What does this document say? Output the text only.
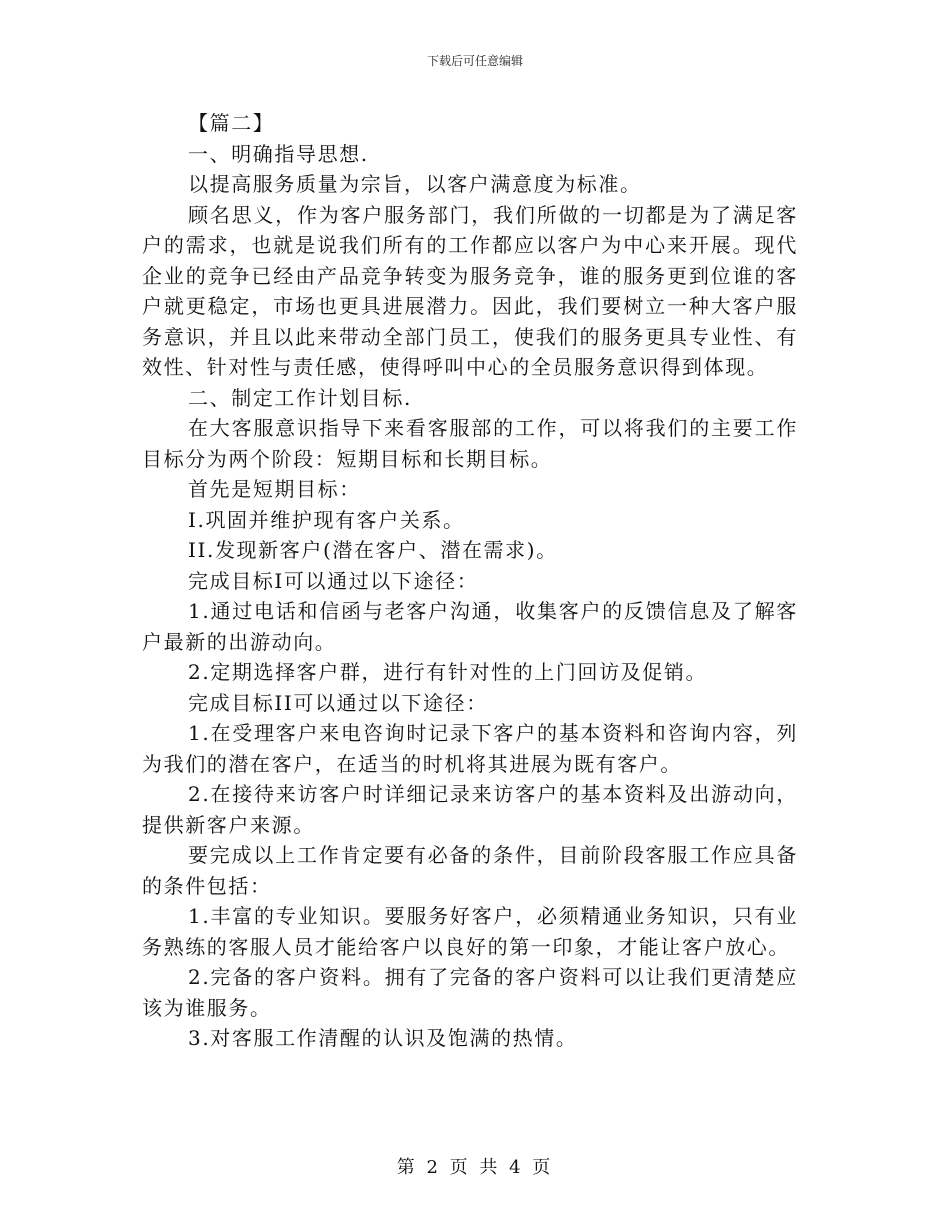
下载后可任意编辑

【篇二】

一、明确指导思想.

以提高服务质量为宗旨，以客户满意度为标准。

顾名思义，作为客户服务部门，我们所做的一切都是为了满足客户的需求，也就是说我们所有的工作都应以客户为中心来开展。现代企业的竞争已经由产品竞争转变为服务竞争，谁的服务更到位谁的客户就更稳定，市场也更具进展潜力。因此，我们要树立一种大客户服务意识，并且以此来带动全部门员工，使我们的服务更具专业性、有效性、针对性与责任感，使得呼叫中心的全员服务意识得到体现。

二、制定工作计划目标.

在大客服意识指导下来看客服部的工作，可以将我们的主要工作目标分为两个阶段：短期目标和长期目标。

首先是短期目标：

I.巩固并维护现有客户关系。

II.发现新客户(潜在客户、潜在需求)。

完成目标I可以通过以下途径：

1.通过电话和信函与老客户沟通，收集客户的反馈信息及了解客户最新的出游动向。

2.定期选择客户群，进行有针对性的上门回访及促销。

完成目标II可以通过以下途径：

1.在受理客户来电咨询时记录下客户的基本资料和咨询内容，列为我们的潜在客户，在适当的时机将其进展为既有客户。

2.在接待来访客户时详细记录来访客户的基本资料及出游动向，提供新客户来源。

要完成以上工作肯定要有必备的条件，目前阶段客服工作应具备的条件包括：

1.丰富的专业知识。要服务好客户，必须精通业务知识，只有业务熟练的客服人员才能给客户以良好的第一印象，才能让客户放心。

2.完备的客户资料。拥有了完备的客户资料可以让我们更清楚应该为谁服务。

3.对客服工作清醒的认识及饱满的热情。

第 2 页 共 4 页
